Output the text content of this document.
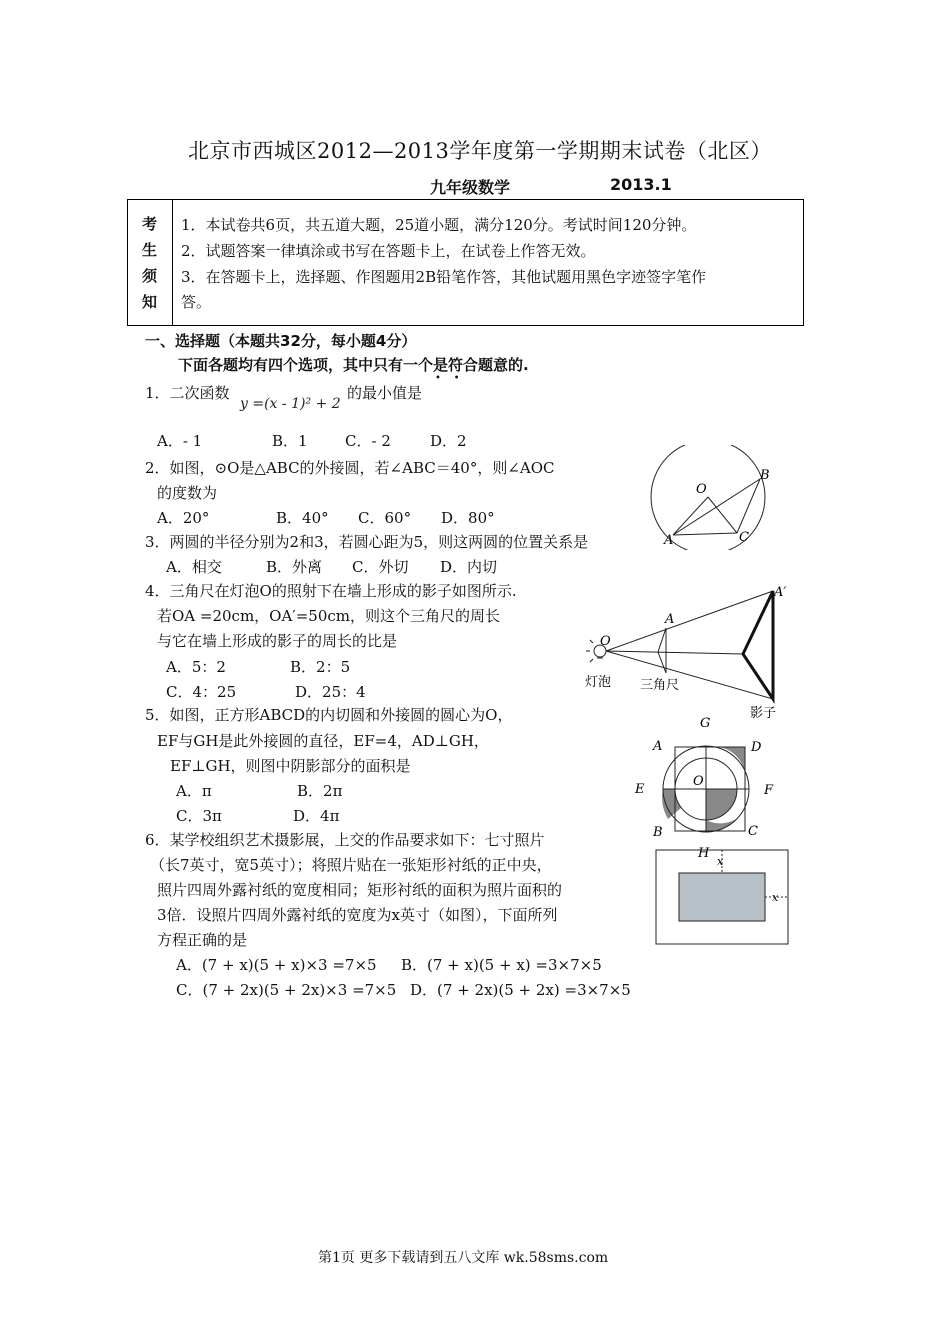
北京市西城区2012—2013学年度第一学期期末试卷（北区）
九年级数学	2013.1
考
生
须
知
1．本试卷共6页，共五道大题，25道小题，满分120分。考试时间120分钟。
2．试题答案一律填涂或书写在答题卡上，在试卷上作答无效。
3．在答题卡上，选择题、作图题用2B铅笔作答，其他试题用黑色字迹签字笔作
答。
一、选择题（本题共32分，每小题4分）
下面各题均有四个选项，其中只有一个是符合题意的.
•    •
1．二次函数
y =(x - 1)² + 2
的最小值是
A．- 1	B．1 C．- 2	D．2
2．如图，⊙O是△ABC的外接圆，若∠ABC＝40°，则∠AOC
的度数为
A．20°	B．40° C．60° D．80°
3．两圆的半径分别为2和3，若圆心距为5，则这两圆的位置关系是
A．相交	B．外离 C．外切 D．内切
4．三角尺在灯泡O的照射下在墙上形成的影子如图所示.
若OA =20cm，OA′=50cm，则这个三角尺的周长
与它在墙上形成的影子的周长的比是
A．5：2	B．2：5
C．4：25	D．25：4
5．如图，正方形ABCD的内切圆和外接圆的圆心为O，
EF与GH是此外接圆的直径，EF=4，AD⊥GH，
EF⊥GH，则图中阴影部分的面积是
A．π	B．2π
C．3π	D．4π
6．某学校组织艺术摄影展，上交的作品要求如下：七寸照片
（长7英寸，宽5英寸）；将照片贴在一张矩形衬纸的正中央，
照片四周外露衬纸的宽度相同；矩形衬纸的面积为照片面积的
3倍．设照片四周外露衬纸的宽度为x英寸（如图），下面所列
方程正确的是
A．(7 + x)(5 + x)×3 =7×5 B．(7 + x)(5 + x) =3×7×5
C．(7 + 2x)(5 + 2x)×3 =7×5 D．(7 + 2x)(5 + 2x) =3×7×5
O
B
A	C
A′
A
O
灯泡 三角尺
影子
G
A	D
E
O
F
B	C
H
x
x
第1页 更多下载请到五八文库 wk.58sms.com
